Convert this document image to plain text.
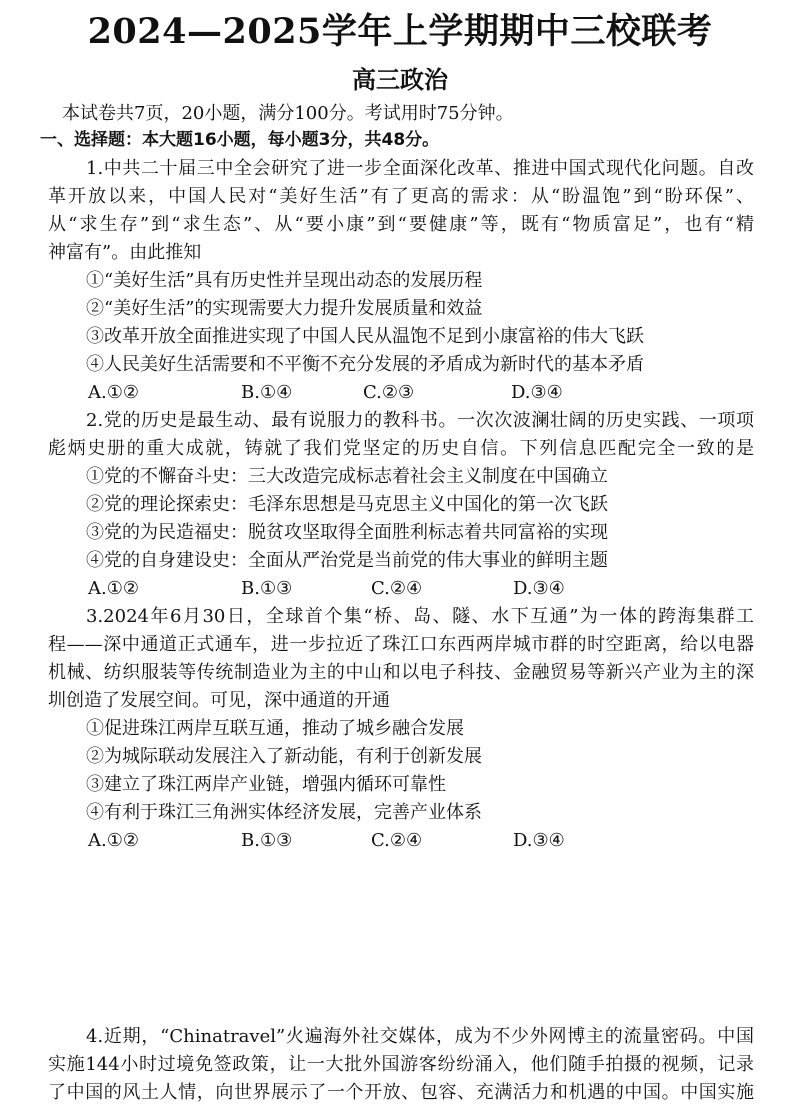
2024—2025学年上学期期中三校联考
高三政治
本试卷共7页，20小题，满分100分。考试用时75分钟。
一、选择题：本大题16小题，每小题3分，共48分。
1.中共二十届三中全会研究了进一步全面深化改革、推进中国式现代化问题。自改
革开放以来，中国人民对“美好生活”有了更高的需求：从“盼温饱”到“盼环保”、
从“求生存”到“求生态”、从“要小康”到“要健康”等，既有“物质富足”，也有“精
神富有”。由此推知
①“美好生活”具有历史性并呈现出动态的发展历程
②“美好生活”的实现需要大力提升发展质量和效益
③改革开放全面推进实现了中国人民从温饱不足到小康富裕的伟大飞跃
④人民美好生活需要和不平衡不充分发展的矛盾成为新时代的基本矛盾
A.①②	B.①④	C.②③	D.③④
2.党的历史是最生动、最有说服力的教科书。一次次波澜壮阔的历史实践、一项项
彪炳史册的重大成就，铸就了我们党坚定的历史自信。下列信息匹配完全一致的是
①党的不懈奋斗史：三大改造完成标志着社会主义制度在中国确立
②党的理论探索史：毛泽东思想是马克思主义中国化的第一次飞跃
③党的为民造福史：脱贫攻坚取得全面胜利标志着共同富裕的实现
④党的自身建设史：全面从严治党是当前党的伟大事业的鲜明主题
A.①②	B.①③	C.②④	D.③④
3.2024年6月30日，全球首个集“桥、岛、隧、水下互通”为一体的跨海集群工
程——深中通道正式通车，进一步拉近了珠江口东西两岸城市群的时空距离，给以电器
机械、纺织服装等传统制造业为主的中山和以电子科技、金融贸易等新兴产业为主的深
圳创造了发展空间。可见，深中通道的开通
①促进珠江两岸互联互通，推动了城乡融合发展
②为城际联动发展注入了新动能，有利于创新发展
③建立了珠江两岸产业链，增强内循环可靠性
④有利于珠江三角洲实体经济发展，完善产业体系
A.①②	B.①③	C.②④	D.③④
4.近期，“Chinatravel”火遍海外社交媒体，成为不少外网博主的流量密码。中国
实施144小时过境免签政策，让一大批外国游客纷纷涌入，他们随手拍摄的视频，记录
了中国的风土人情，向世界展示了一个开放、包容、充满活力和机遇的中国。中国实施
